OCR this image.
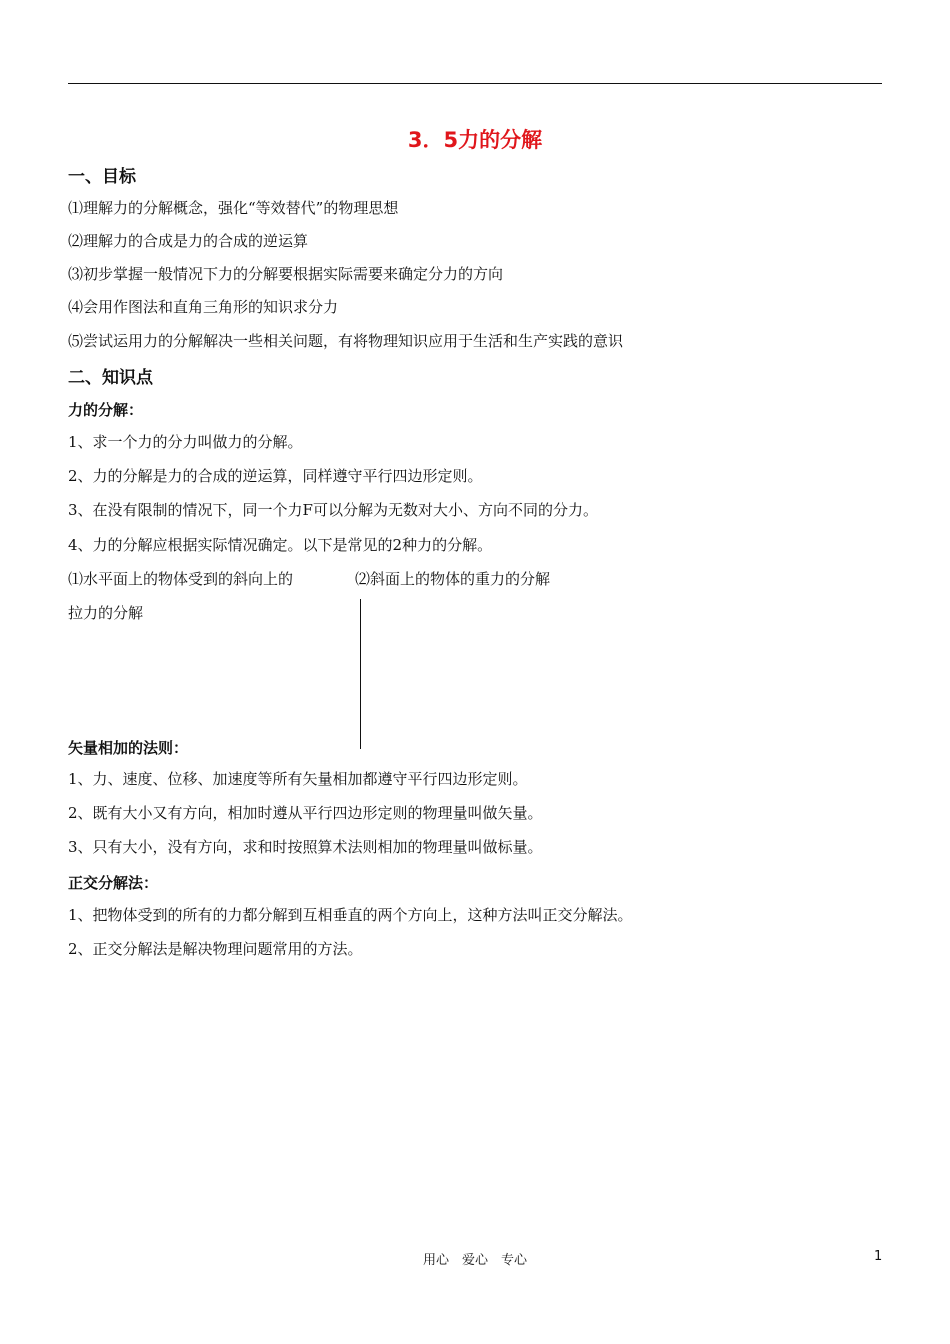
3．5力的分解
一、目标
⑴理解力的分解概念，强化“等效替代”的物理思想
⑵理解力的合成是力的合成的逆运算
⑶初步掌握一般情况下力的分解要根据实际需要来确定分力的方向
⑷会用作图法和直角三角形的知识求分力
⑸尝试运用力的分解解决一些相关问题，有将物理知识应用于生活和生产实践的意识
二、知识点
力的分解：
1、求一个力的分力叫做力的分解。
2、力的分解是力的合成的逆运算，同样遵守平行四边形定则。
3、在没有限制的情况下，同一个力F可以分解为无数对大小、方向不同的分力。
4、力的分解应根据实际情况确定。以下是常见的2种力的分解。
⑴水平面上的物体受到的斜向上的
拉力的分解
⑵斜面上的物体的重力的分解
矢量相加的法则：
1、力、速度、位移、加速度等所有矢量相加都遵守平行四边形定则。
2、既有大小又有方向，相加时遵从平行四边形定则的物理量叫做矢量。
3、只有大小，没有方向，求和时按照算术法则相加的物理量叫做标量。
正交分解法：
1、把物体受到的所有的力都分解到互相垂直的两个方向上，这种方法叫正交分解法。
2、正交分解法是解决物理问题常用的方法。
用心　爱心　专心	1
